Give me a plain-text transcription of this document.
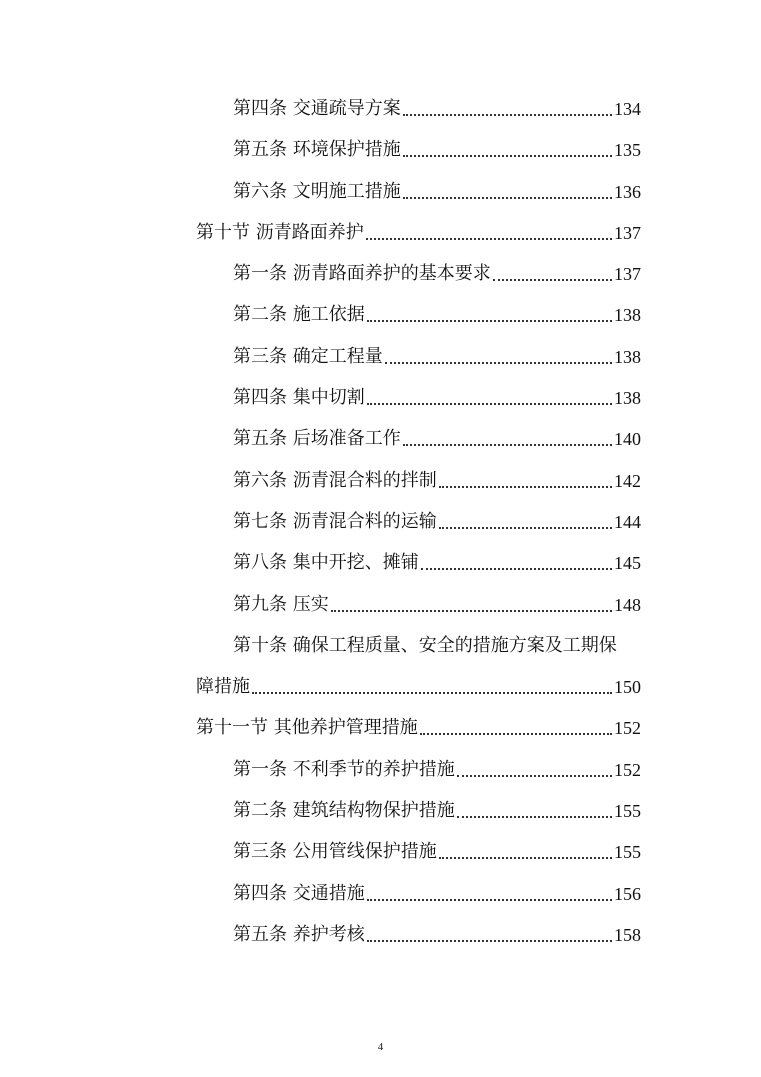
第四条 交通疏导方案	134
第五条 环境保护措施	135
第六条 文明施工措施	136
第十节 沥青路面养护	137
第一条 沥青路面养护的基本要求	137
第二条 施工依据	138
第三条 确定工程量	138
第四条 集中切割	138
第五条 后场准备工作	140
第六条 沥青混合料的拌制	142
第七条 沥青混合料的运输	144
第八条 集中开挖、摊铺	145
第九条 压实	148
第十条 确保工程质量、安全的措施方案及工期保
障措施	150
第十一节 其他养护管理措施	152
第一条 不利季节的养护措施	152
第二条 建筑结构物保护措施	155
第三条 公用管线保护措施	155
第四条 交通措施	156
第五条 养护考核	158
4
